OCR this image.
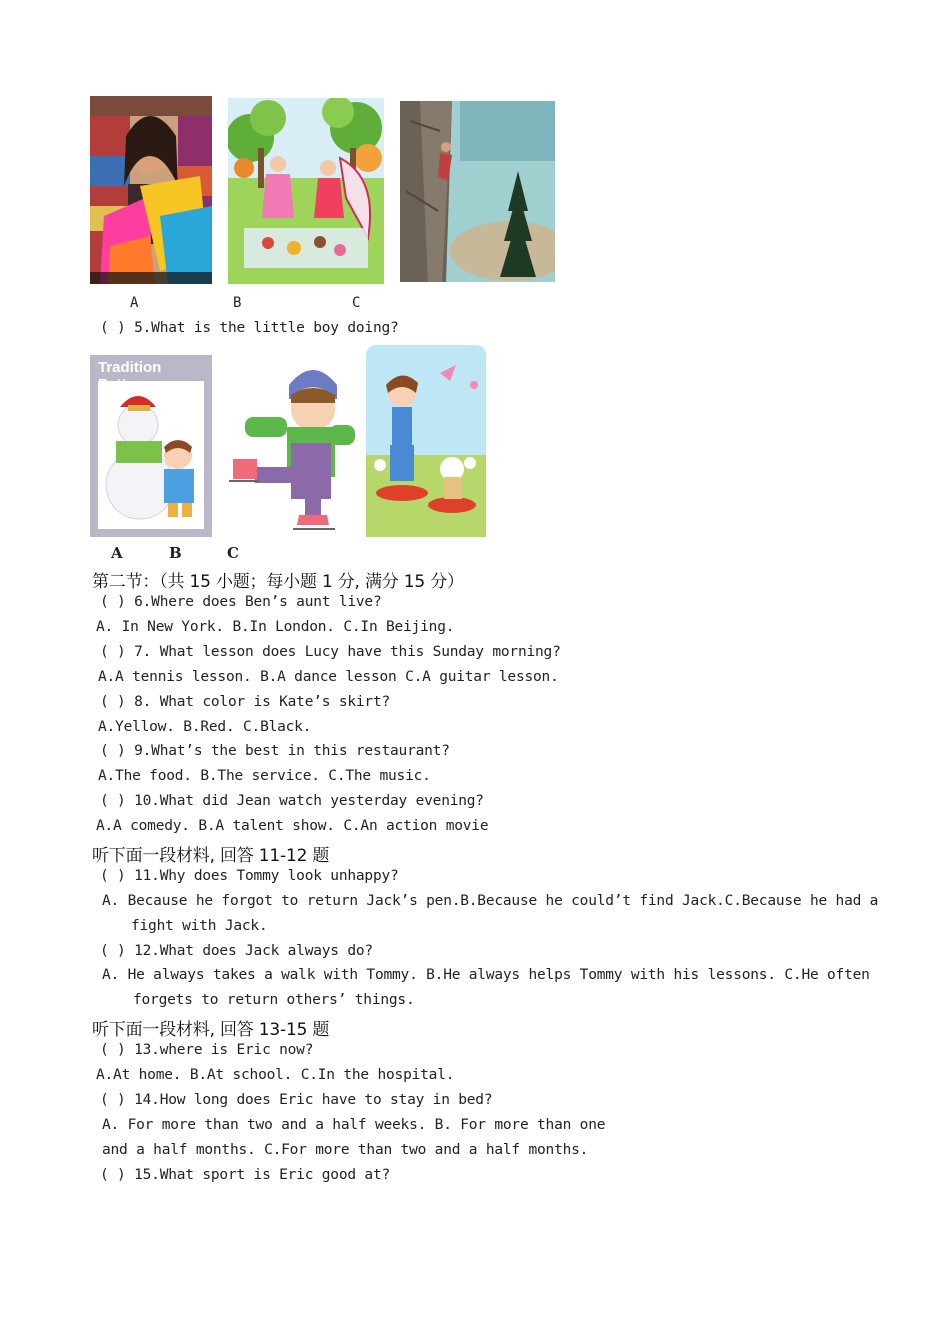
A	B	C
( ) 5.What is the little boy doing?
Tradition
A	B	C
第二节：（共 15 小题；每小题 1 分, 满分 15 分）
( ) 6.Where does Ben’s aunt live?
A. In New York. B.In London. C.In Beijing.
( ) 7. What lesson does Lucy have this Sunday morning?
A.A tennis lesson. B.A dance lesson C.A guitar lesson.
( ) 8. What color is Kate’s skirt?
A.Yellow. B.Red. C.Black.
( ) 9.What’s the best in this restaurant?
A.The food. B.The service. C.The music.
( ) 10.What did Jean watch yesterday evening?
A.A comedy. B.A talent show. C.An action movie
听下面一段材料, 回答 11-12 题
( ) 11.Why does Tommy look unhappy?
A. Because he forgot to return Jack’s pen.B.Because he could’t find Jack.C.Because he had a
fight with Jack.
( ) 12.What does Jack always do?
A. He always takes a walk with Tommy. B.He always helps Tommy with his lessons. C.He often
forgets to return others’ things.
听下面一段材料, 回答 13-15 题
( ) 13.where is Eric now?
A.At home. B.At school. C.In the hospital.
( ) 14.How long does Eric have to stay in bed?
A. For more than two and a half weeks. B. For more than one
and a half months. C.For more than two and a half months.
( ) 15.What sport is Eric good at?
